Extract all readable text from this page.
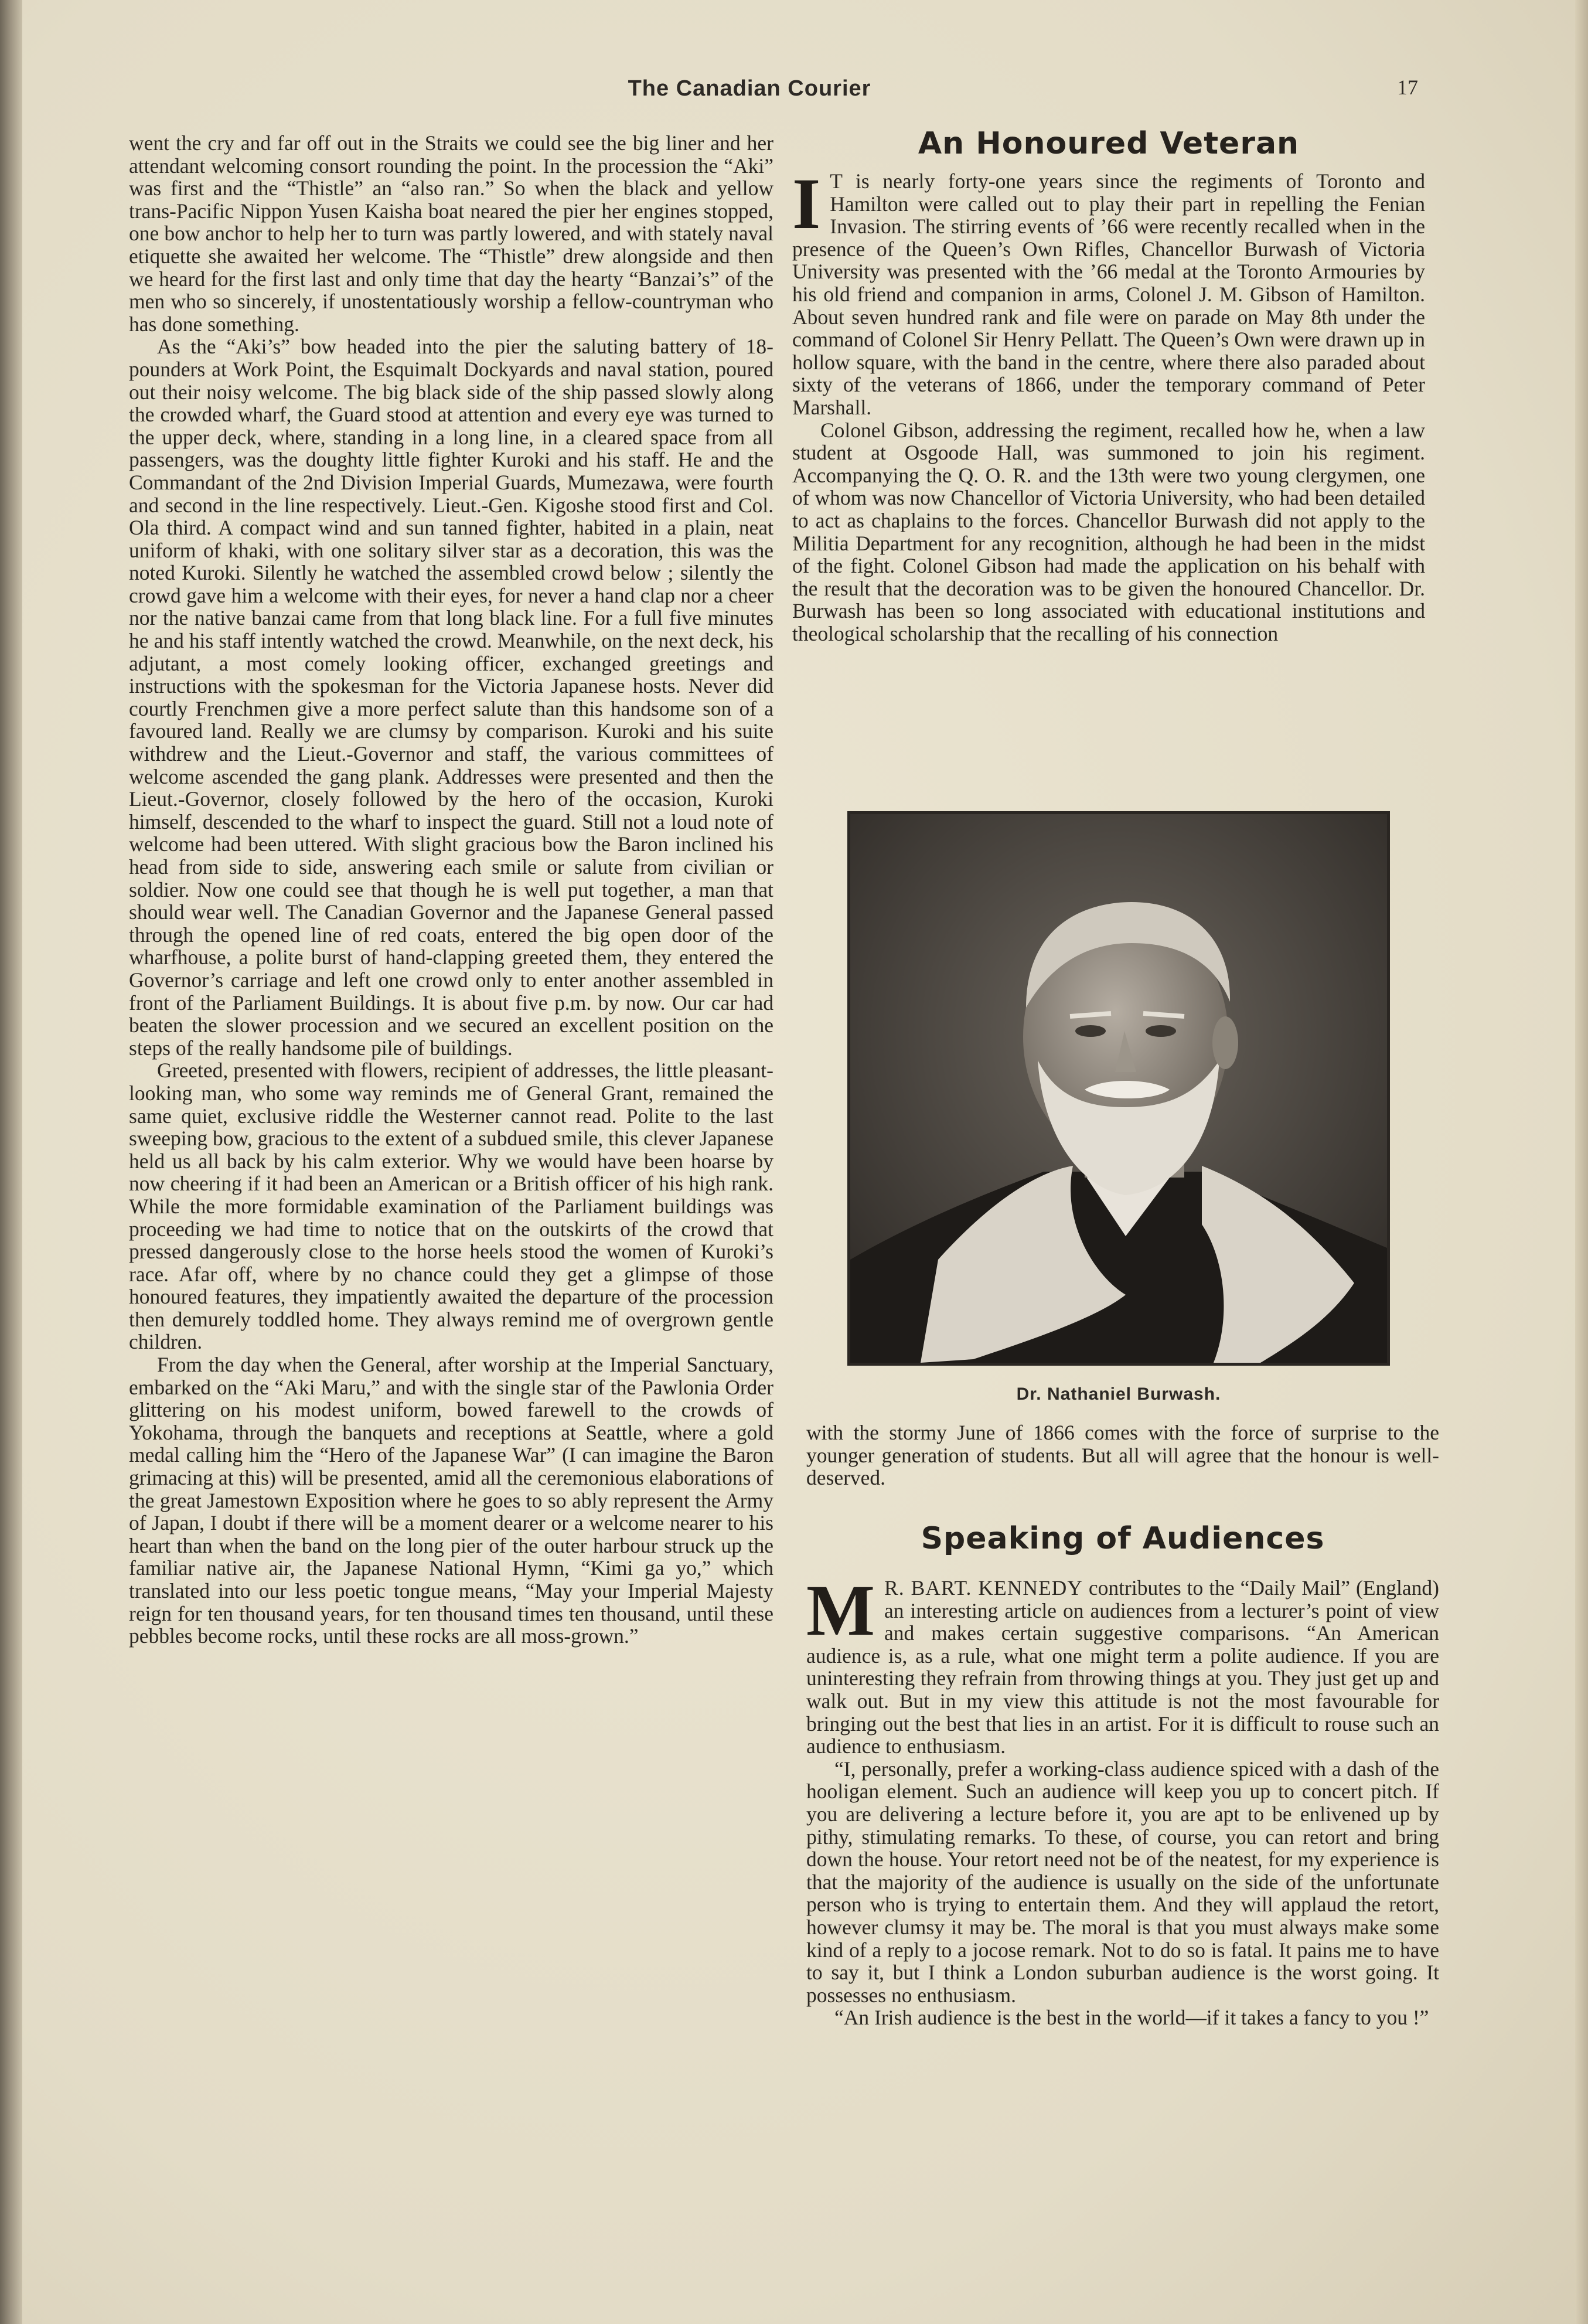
The Canadian Courier	17

went the cry and far off out in the Straits we could see the big liner and her attendant welcoming consort rounding the point. In the procession the “Aki” was first and the “Thistle” an “also ran.” So when the black and yellow trans-Pacific Nippon Yusen Kaisha boat neared the pier her engines stopped, one bow anchor to help her to turn was partly lowered, and with stately naval etiquette she awaited her welcome. The “Thistle” drew alongside and then we heard for the first last and only time that day the hearty “Banzai’s” of the men who so sincerely, if unostentatiously worship a fellow-countryman who has done something.

As the “Aki’s” bow headed into the pier the saluting battery of 18-pounders at Work Point, the Esquimalt Dockyards and naval station, poured out their noisy welcome. The big black side of the ship passed slowly along the crowded wharf, the Guard stood at attention and every eye was turned to the upper deck, where, standing in a long line, in a cleared space from all passengers, was the doughty little fighter Kuroki and his staff. He and the Commandant of the 2nd Division Imperial Guards, Mumezawa, were fourth and second in the line respectively. Lieut.-Gen. Kigoshe stood first and Col. Ola third. A compact wind and sun tanned fighter, habited in a plain, neat uniform of khaki, with one solitary silver star as a decoration, this was the noted Kuroki. Silently he watched the assembled crowd below ; silently the crowd gave him a welcome with their eyes, for never a hand clap nor a cheer nor the native banzai came from that long black line. For a full five minutes he and his staff intently watched the crowd. Meanwhile, on the next deck, his adjutant, a most comely looking officer, exchanged greetings and instructions with the spokesman for the Victoria Japanese hosts. Never did courtly Frenchmen give a more perfect salute than this handsome son of a favoured land. Really we are clumsy by comparison. Kuroki and his suite withdrew and the Lieut.-Governor and staff, the various committees of welcome ascended the gang plank. Addresses were presented and then the Lieut.-Governor, closely followed by the hero of the occasion, Kuroki himself, descended to the wharf to inspect the guard. Still not a loud note of welcome had been uttered. With slight gracious bow the Baron inclined his head from side to side, answering each smile or salute from civilian or soldier. Now one could see that though he is well put together, a man that should wear well. The Canadian Governor and the Japanese General passed through the opened line of red coats, entered the big open door of the wharfhouse, a polite burst of hand-clapping greeted them, they entered the Governor’s carriage and left one crowd only to enter another assembled in front of the Parliament Buildings. It is about five p.m. by now. Our car had beaten the slower procession and we secured an excellent position on the steps of the really handsome pile of buildings.

Greeted, presented with flowers, recipient of addresses, the little pleasant-looking man, who some way reminds me of General Grant, remained the same quiet, exclusive riddle the Westerner cannot read. Polite to the last sweeping bow, gracious to the extent of a subdued smile, this clever Japanese held us all back by his calm exterior. Why we would have been hoarse by now cheering if it had been an American or a British officer of his high rank. While the more formidable examination of the Parliament buildings was proceeding we had time to notice that on the outskirts of the crowd that pressed dangerously close to the horse heels stood the women of Kuroki’s race. Afar off, where by no chance could they get a glimpse of those honoured features, they impatiently awaited the departure of the procession then demurely toddled home. They always remind me of overgrown gentle children.

From the day when the General, after worship at the Imperial Sanctuary, embarked on the “Aki Maru,” and with the single star of the Pawlonia Order glittering on his modest uniform, bowed farewell to the crowds of Yokohama, through the banquets and receptions at Seattle, where a gold medal calling him the “Hero of the Japanese War” (I can imagine the Baron grimacing at this) will be presented, amid all the ceremonious elaborations of the great Jamestown Exposition where he goes to so ably represent the Army of Japan, I doubt if there will be a moment dearer or a welcome nearer to his heart than when the band on the long pier of the outer harbour struck up the familiar native air, the Japanese National Hymn, “Kimi ga yo,” which translated into our less poetic tongue means, “May your Imperial Majesty reign for ten thousand years, for ten thousand times ten thousand, until these pebbles become rocks, until these rocks are all moss-grown.”

An Honoured Veteran

I T is nearly forty-one years since the regiments of Toronto and Hamilton were called out to play their part in repelling the Fenian Invasion. The stirring events of ’66 were recently recalled when in the presence of the Queen’s Own Rifles, Chancellor Burwash of Victoria University was presented with the ’66 medal at the Toronto Armouries by his old friend and companion in arms, Colonel J. M. Gibson of Hamilton. About seven hundred rank and file were on parade on May 8th under the command of Colonel Sir Henry Pellatt. The Queen’s Own were drawn up in hollow square, with the band in the centre, where there also paraded about sixty of the veterans of 1866, under the temporary command of Peter Marshall.

Colonel Gibson, addressing the regiment, recalled how he, when a law student at Osgoode Hall, was summoned to join his regiment. Accompanying the Q. O. R. and the 13th were two young clergymen, one of whom was now Chancellor of Victoria University, who had been detailed to act as chaplains to the forces. Chancellor Burwash did not apply to the Militia Department for any recognition, although he had been in the midst of the fight. Colonel Gibson had made the application on his behalf with the result that the decoration was to be given the honoured Chancellor. Dr. Burwash has been so long associated with educational institutions and theological scholarship that the recalling of his connection

Dr. Nathaniel Burwash.

with the stormy June of 1866 comes with the force of surprise to the younger generation of students. But all will agree that the honour is well-deserved.

Speaking of Audiences

M R. BART. KENNEDY contributes to the “Daily Mail” (England) an interesting article on audiences from a lecturer’s point of view and makes certain suggestive comparisons. “An American audience is, as a rule, what one might term a polite audience. If you are uninteresting they refrain from throwing things at you. They just get up and walk out. But in my view this attitude is not the most favourable for bringing out the best that lies in an artist. For it is difficult to rouse such an audience to enthusiasm.

“I, personally, prefer a working-class audience spiced with a dash of the hooligan element. Such an audience will keep you up to concert pitch. If you are delivering a lecture before it, you are apt to be enlivened up by pithy, stimulating remarks. To these, of course, you can retort and bring down the house. Your retort need not be of the neatest, for my experience is that the majority of the audience is usually on the side of the unfortunate person who is trying to entertain them. And they will applaud the retort, however clumsy it may be. The moral is that you must always make some kind of a reply to a jocose remark. Not to do so is fatal. It pains me to have to say it, but I think a London suburban audience is the worst going. It possesses no enthusiasm.

“An Irish audience is the best in the world—if it takes a fancy to you !”
